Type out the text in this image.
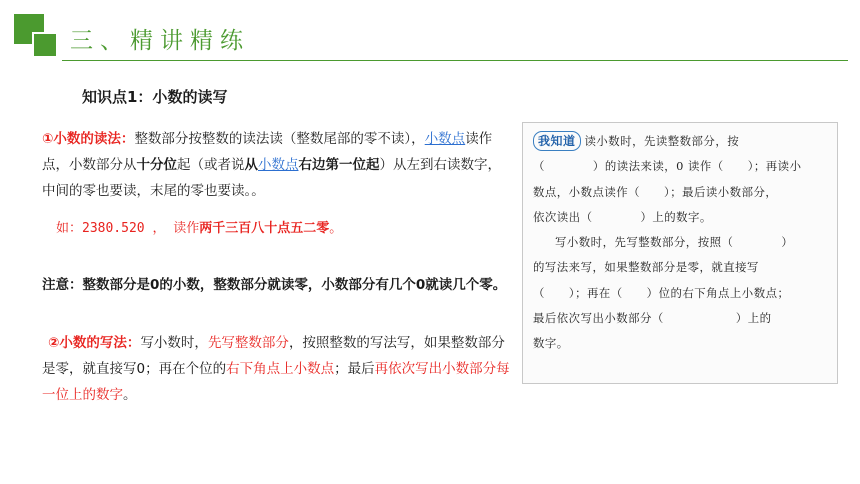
三、精讲精练
知识点1：小数的读写
①小数的读法：整数部分按整数的读法读（整数尾部的零不读），小数点读作点，小数部分从十分位起（或者说从小数点右边第一位起）从左到右读数字，中间的零也要读，末尾的零也要读。。
如：2380.520 ， 读作两千三百八十点五二零。
注意：整数部分是0的小数，整数部分就读零，小数部分有几个0就读几个零。
②小数的写法：写小数时，先写整数部分，按照整数的写法写，如果整数部分是零，就直接写0；再在个位的右下角点上小数点；最后再依次写出小数部分每一位上的数字。
我知道 读小数时，先读整数部分，按
（	）的读法来读，0 读作（ ）；再读小
数点，小数点读作（ ）；最后读小数部分，
依次读出（	）上的数字。
写小数时，先写整数部分，按照（	）
的写法来写，如果整数部分是零，就直接写
（ ）；再在（ ）位的右下角点上小数点；
最后依次写出小数部分（	）上的
数字。
